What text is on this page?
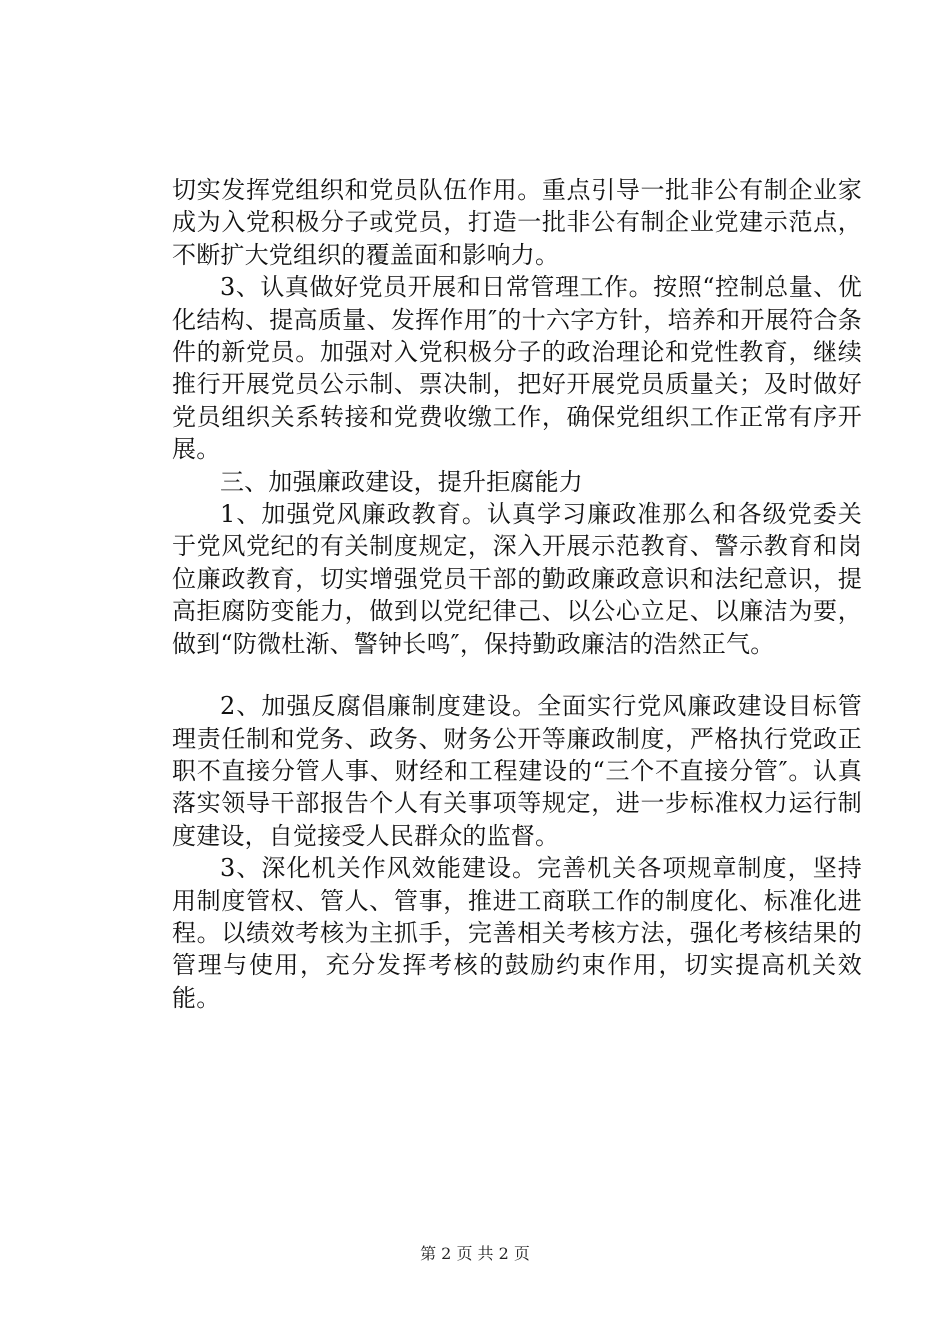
切实发挥党组织和党员队伍作用。重点引导一批非公有制企业家成为入党积极分子或党员，打造一批非公有制企业党建示范点，不断扩大党组织的覆盖面和影响力。

3、认真做好党员开展和日常管理工作。按照“控制总量、优化结构、提高质量、发挥作用″的十六字方针，培养和开展符合条件的新党员。加强对入党积极分子的政治理论和党性教育，继续推行开展党员公示制、票决制，把好开展党员质量关；及时做好党员组织关系转接和党费收缴工作，确保党组织工作正常有序开展。

三、加强廉政建设，提升拒腐能力

1、加强党风廉政教育。认真学习廉政准那么和各级党委关于党风党纪的有关制度规定，深入开展示范教育、警示教育和岗位廉政教育，切实增强党员干部的勤政廉政意识和法纪意识，提高拒腐防变能力，做到以党纪律己、以公心立足、以廉洁为要，做到“防微杜渐、警钟长鸣″，保持勤政廉洁的浩然正气。

2、加强反腐倡廉制度建设。全面实行党风廉政建设目标管理责任制和党务、政务、财务公开等廉政制度，严格执行党政正职不直接分管人事、财经和工程建设的“三个不直接分管″。认真落实领导干部报告个人有关事项等规定，进一步标准权力运行制度建设，自觉接受人民群众的监督。

3、深化机关作风效能建设。完善机关各项规章制度，坚持用制度管权、管人、管事，推进工商联工作的制度化、标准化进程。以绩效考核为主抓手，完善相关考核方法，强化考核结果的管理与使用，充分发挥考核的鼓励约束作用，切实提高机关效能。

第 2 页 共 2 页
